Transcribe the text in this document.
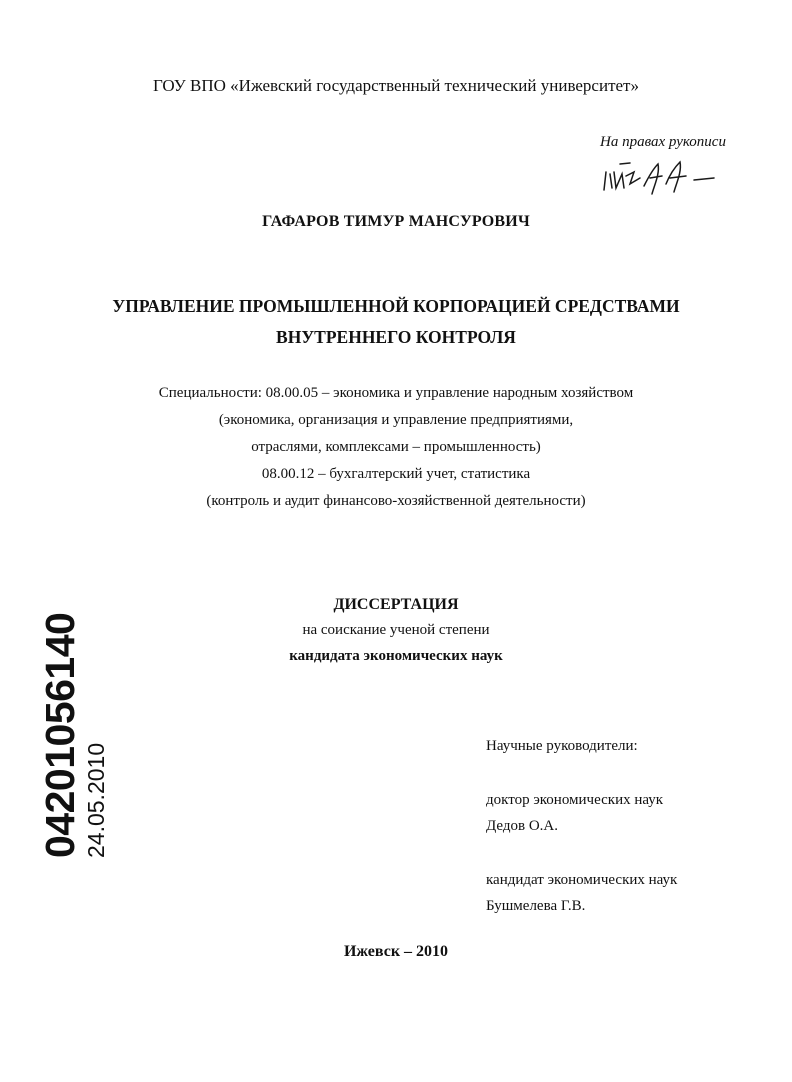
ГОУ ВПО «Ижевский государственный технический университет»
На правах рукописи
ГАФАРОВ ТИМУР МАНСУРОВИЧ
УПРАВЛЕНИЕ ПРОМЫШЛЕННОЙ КОРПОРАЦИЕЙ СРЕДСТВАМИ
ВНУТРЕННЕГО КОНТРОЛЯ
Специальности: 08.00.05 – экономика и управление народным хозяйством
(экономика, организация и управление предприятиями,
отраслями, комплексами – промышленность)
08.00.12 – бухгалтерский учет, статистика
(контроль и аудит финансово-хозяйственной деятельности)
ДИССЕРТАЦИЯ
на соискание ученой степени
кандидата экономических наук
Научные руководители:
доктор экономических наук
Дедов О.А.
кандидат экономических наук
Бушмелева Г.В.
Ижевск – 2010
04201056140 24.05.2010
